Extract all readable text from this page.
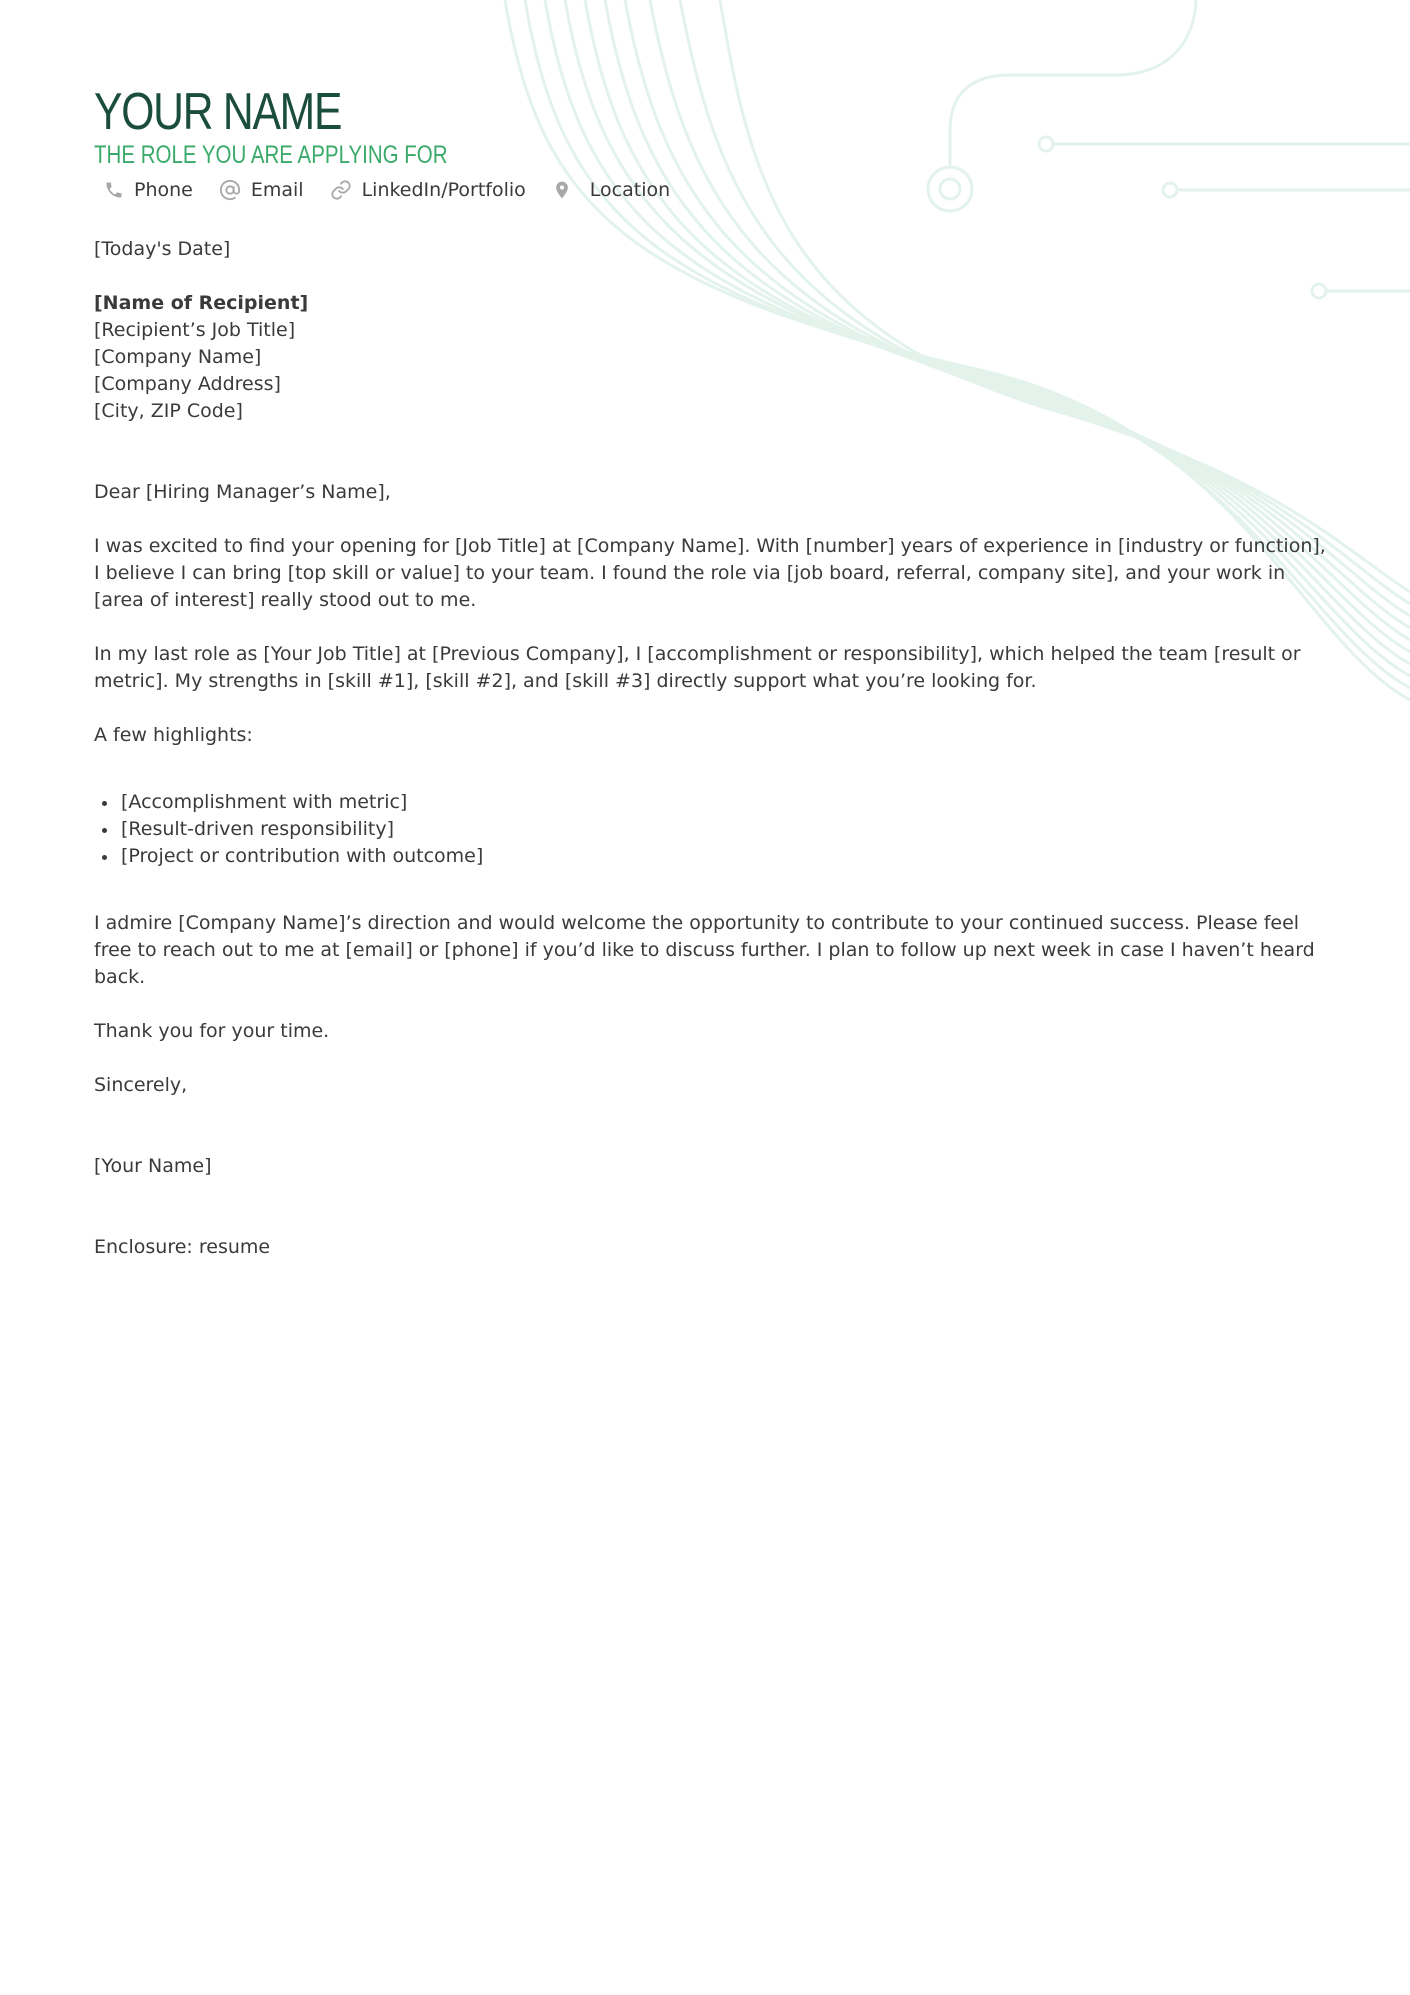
YOUR NAME
THE ROLE YOU ARE APPLYING FOR
Phone	Email	LinkedIn/Portfolio	Location

[Today's Date]

[Name of Recipient]

[Recipient’s Job Title]

[Company Name]

[Company Address]

[City, ZIP Code]

Dear [Hiring Manager’s Name],

I was excited to find your opening for [Job Title] at [Company Name]. With [number] years of experience in [industry or function], I believe I can bring [top skill or value] to your team. I found the role via [job board, referral, company site], and your work in [area of interest] really stood out to me.

In my last role as [Your Job Title] at [Previous Company], I [accomplishment or responsibility], which helped the team [result or metric]. My strengths in [skill #1], [skill #2], and [skill #3] directly support what you’re looking for.

A few highlights:

[Accomplishment with metric]
[Result-driven responsibility]
[Project or contribution with outcome]

I admire [Company Name]’s direction and would welcome the opportunity to contribute to your continued success. Please feel free to reach out to me at [email] or [phone] if you’d like to discuss further. I plan to follow up next week in case I haven’t heard back.

Thank you for your time.

Sincerely,

[Your Name]

Enclosure: resume
